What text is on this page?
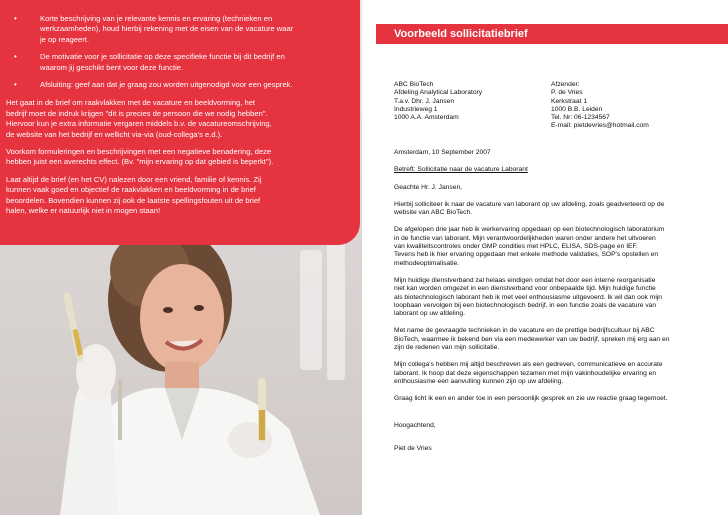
•	Korte beschrijving van je relevante kennis en ervaring (technieken en
werkzaamheden), houd hierbij rekening met de eisen van de vacature waar
je op reageert.
•	De motivatie voor je sollicitatie op deze specifieke functie bij dit bedrijf en
waarom jij geschikt bent voor deze functie.
•	Afsluiting: geef aan dat je graag zou worden uitgenodigd voor een gesprek.

Het gaat in de brief om raakvlakken met de vacature en beeldvorming, het
bedrijf moet de indruk krijgen "dit is precies de persoon die we nodig hebben".
Hiervoor kun je extra informatie vergaren middels b.v. de vacatureomschrijving,
de website van het bedrijf en wellicht via-via (oud-collega's e.d.).

Voorkom formuleringen en beschrijvingen met een negatieve benadering, deze
hebben juist een averechts effect. (Bv. "mijn ervaring op dat gebied is beperkt").

Laat altijd de brief (en het CV) nalezen door een vriend, familie of kennis. Zij
kunnen vaak goed en objectief de raakvlakken en beeldvorming in de brief
beoordelen. Bovendien kunnen zij ook de laatste spellingsfouten uit de brief
halen, welke er natuurlijk niet in mogen staan!

Voorbeeld sollicitatiebrief
ABC BioTech
Afdeling Analytical Laboratory
T.a.v. Dhr. J. Jansen
Industrieweg 1
1000 A.A. Amsterdam
Afzender:
P. de Vries
Kerkstraat 1
1000 B.B. Leiden
Tel. Nr: 06-1234567
E-mail: pietdevries@hotmail.com
Amsterdam, 10 September 2007
Betreft: Sollicitatie naar de vacature Laborant
Geachte Hr. J. Jansen,
Hierbij solliciteer ik naar de vacature van laborant op uw afdeling, zoals geadverteerd op de
website van ABC BioTech.
De afgelopen drie jaar heb ik werkervaring opgedaan op een biotechnologisch laboratorium
in de functie van laborant. Mijn verantwoordelijkheden waren onder andere het uitvoeren
van kwaliteitscontroles onder GMP condities met HPLC, ELISA, SDS-page en IEF.
Tevens heb ik hier ervaring opgedaan met enkele methode validaties, SOP's opstellen en
methodeoptimalisatie.
Mijn huidige dienstverband zal helaas eindigen omdat het door een interne reorganisatie
niet kan worden omgezet in een dienstverband voor onbepaalde tijd. Mijn huidige functie
als biotechnologisch laborant heb ik met veel enthousiasme uitgevoerd. Ik wil dan ook mijn
loopbaan vervolgen bij een biotechnologisch bedrijf, in een functie zoals de vacature van
laborant op uw afdeling.
Met name de gevraagde technieken in de vacature en de prettige bedrijfscultuur bij ABC
BioTech, waarmee ik bekend ben via een medewerker van uw bedrijf, spreken mij erg aan en
zijn de redenen van mijn sollicitatie.
Mijn collega's hebben mij altijd beschreven als een gedreven, communicatieve en accurate
laborant. Ik hoop dat deze eigenschappen tezamen met mijn vakinhoudelijke ervaring en
enthousiasme een aanvulling kunnen zijn op uw afdeling.
Graag licht ik een en ander toe in een persoonlijk gesprek en zie uw reactie graag tegemoet.
Hoogachtend,
Piet de Vries
